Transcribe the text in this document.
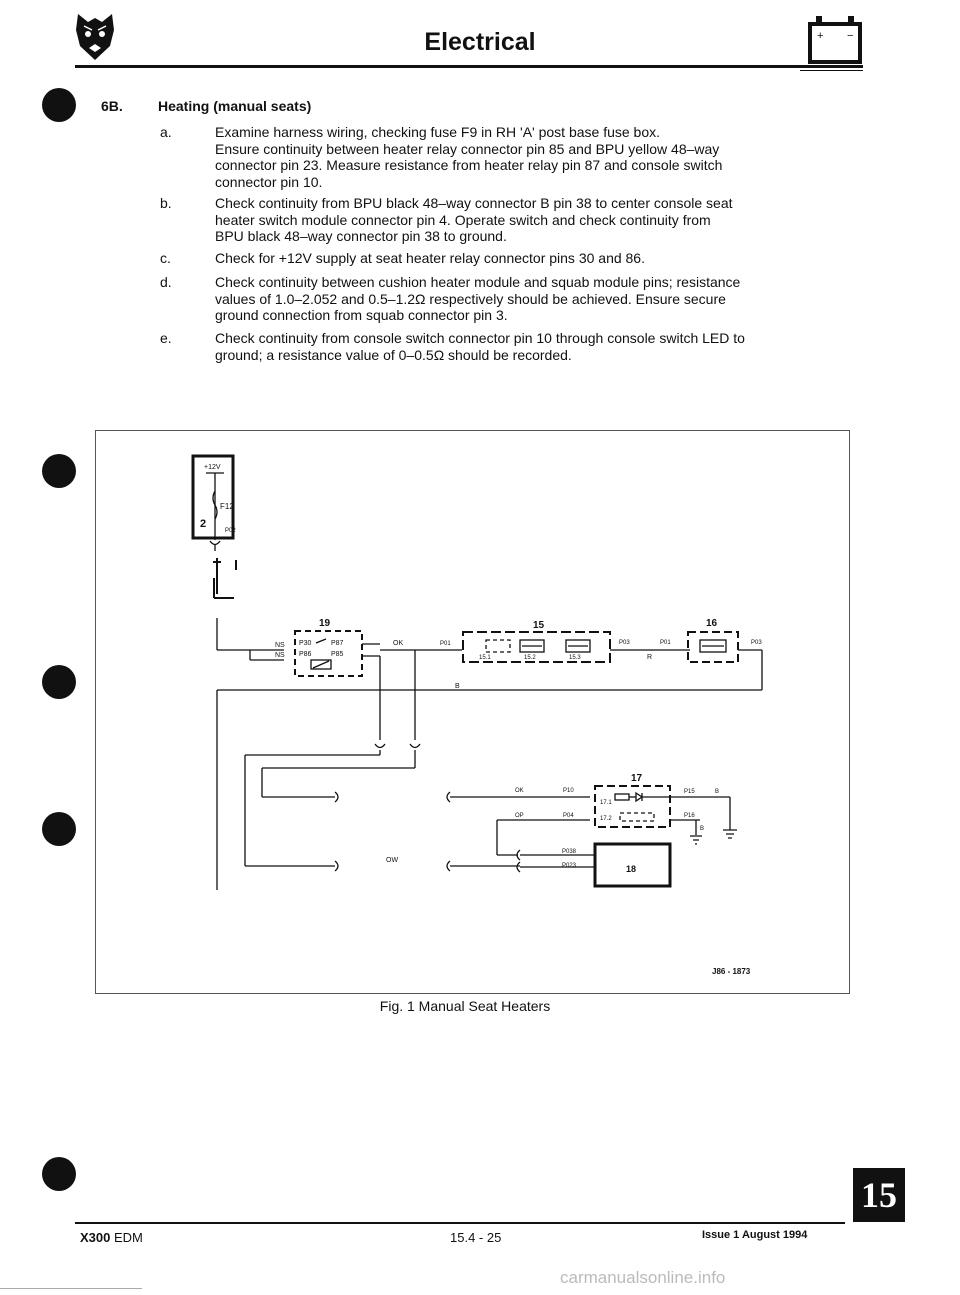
Electrical	+ −
6B.	Heating (manual seats)
a.	Examine harness wiring, checking fuse F9 in RH 'A' post base fuse box.
Ensure continuity between heater relay connector pin 85 and BPU yellow 48–way
connector pin 23. Measure resistance from heater relay pin 87 and console switch
connector pin 10.
b.	Check continuity from BPU black 48–way connector B pin 38 to center console seat
heater switch module connector pin 4. Operate switch and check continuity from
BPU black 48–way connector pin 38 to ground.
c.	Check for +12V supply at seat heater relay connector pins 30 and 86.
d.	Check continuity between cushion heater module and squab module pins; resistance
values of 1.0–2.052 and 0.5–1.2Ω respectively should be achieved. Ensure secure
ground connection from squab connector pin 3.
e.	Check continuity from console switch connector pin 10 through console switch LED to
ground; a resistance value of 0–0.5Ω should be recorded.
+12V
F12
2
P02
19
NS
NS
P30	P87
P86	P85
OK	P01
15
15.1	15.2	15.3
P03	P01
R
16
P03
B
OK	P10
17
17.1
17.2
P15	B
OP	P04	P16
B
P038
P023	18
OW
J86 - 1873
Fig. 1 Manual Seat Heaters
15
X300 EDM	15.4 - 25	Issue 1 August 1994
carmanualsonline.info
